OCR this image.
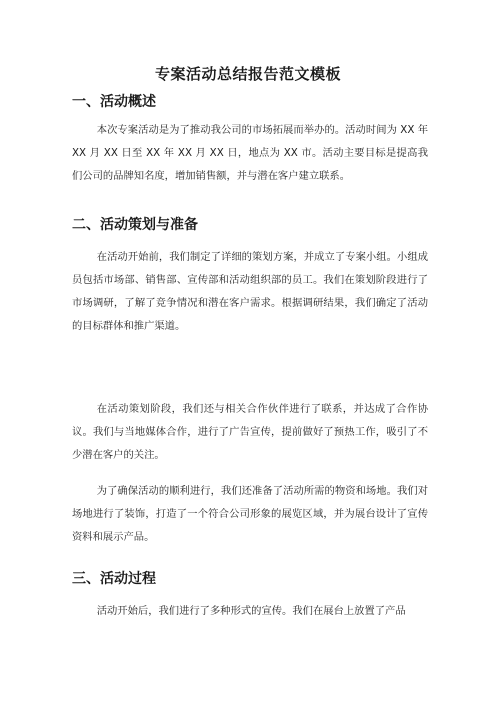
专案活动总结报告范文模板
一、活动概述

本次专案活动是为了推动我公司的市场拓展而举办的。活动时间为 XX 年 XX 月 XX 日至 XX 年 XX 月 XX 日，地点为 XX 市。活动主要目标是提高我们公司的品牌知名度，增加销售额，并与潜在客户建立联系。

二、活动策划与准备

在活动开始前，我们制定了详细的策划方案，并成立了专案小组。小组成员包括市场部、销售部、宣传部和活动组织部的员工。我们在策划阶段进行了市场调研，了解了竞争情况和潜在客户需求。根据调研结果，我们确定了活动的目标群体和推广渠道。

在活动策划阶段，我们还与相关合作伙伴进行了联系，并达成了合作协议。我们与当地媒体合作，进行了广告宣传，提前做好了预热工作，吸引了不少潜在客户的关注。

为了确保活动的顺利进行，我们还准备了活动所需的物资和场地。我们对场地进行了装饰，打造了一个符合公司形象的展览区域，并为展台设计了宣传资料和展示产品。

三、活动过程

活动开始后，我们进行了多种形式的宣传。我们在展台上放置了产品
